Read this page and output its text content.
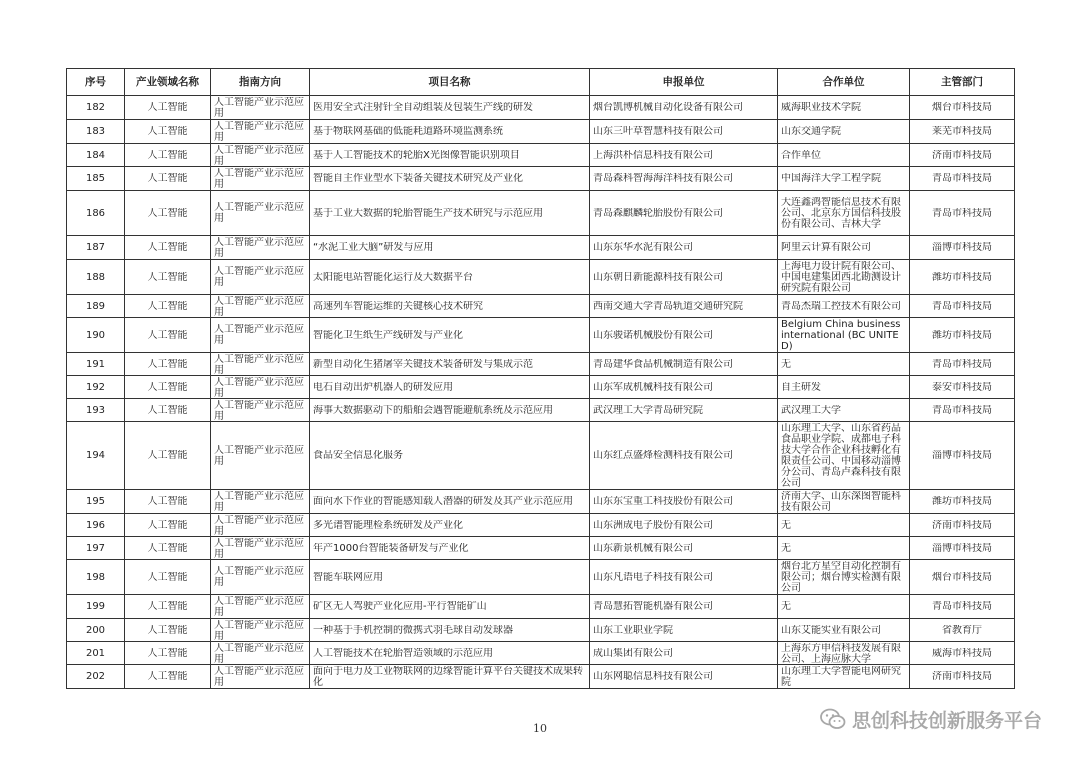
序号	产业领域名称	指南方向	项目名称	申报单位	合作单位	主管部门

182	人工智能	人工智能产业示范应用	医用安全式注射针全自动组装及包装生产线的研发	烟台凯博机械自动化设备有限公司	威海职业技术学院	烟台市科技局

183	人工智能	人工智能产业示范应用	基于物联网基础的低能耗道路环境监测系统	山东三叶草智慧科技有限公司	山东交通学院	莱芜市科技局

184	人工智能	人工智能产业示范应用	基于人工智能技术的轮胎X光图像智能识别项目	上海洪朴信息科技有限公司	合作单位	济南市科技局

185	人工智能	人工智能产业示范应用	智能自主作业型水下装备关键技术研究及产业化	青岛森科智海海洋科技有限公司	中国海洋大学工程学院	青岛市科技局

186	人工智能	人工智能产业示范应用	基于工业大数据的轮胎智能生产技术研究与示范应用	青岛森麒麟轮胎股份有限公司	大连鑫鸿智能信息技术有限公司、北京东方国信科技股份有限公司、吉林大学	青岛市科技局

187	人工智能	人工智能产业示范应用	“水泥工业大脑”研发与应用	山东东华水泥有限公司	阿里云计算有限公司	淄博市科技局

188	人工智能	人工智能产业示范应用	太阳能电站智能化运行及大数据平台	山东朝日新能源科技有限公司	上海电力设计院有限公司、中国电建集团西北勘测设计研究院有限公司	潍坊市科技局

189	人工智能	人工智能产业示范应用	高速列车智能运维的关键核心技术研究	西南交通大学青岛轨道交通研究院	青岛杰瑞工控技术有限公司	青岛市科技局

190	人工智能	人工智能产业示范应用	智能化卫生纸生产线研发与产业化	山东骏诺机械股份有限公司	Belgium China business international (BC UNITED)	潍坊市科技局

191	人工智能	人工智能产业示范应用	新型自动化生猪屠宰关键技术装备研发与集成示范	青岛建华食品机械制造有限公司	无	青岛市科技局

192	人工智能	人工智能产业示范应用	电石自动出炉机器人的研发应用	山东军成机械科技有限公司	自主研发	泰安市科技局

193	人工智能	人工智能产业示范应用	海事大数据驱动下的船舶会遇智能避航系统及示范应用	武汉理工大学青岛研究院	武汉理工大学	青岛市科技局

194	人工智能	人工智能产业示范应用	食品安全信息化服务	山东红点盛烽检测科技有限公司	山东理工大学、山东省药品食品职业学院、成都电子科技大学合作企业科技孵化有限责任公司、中国移动淄博分公司、青岛卢森科技有限公司	淄博市科技局

195	人工智能	人工智能产业示范应用	面向水下作业的智能感知载人潜器的研发及其产业示范应用	山东东宝重工科技股份有限公司	济南大学、山东深图智能科技有限公司	潍坊市科技局

196	人工智能	人工智能产业示范应用	多光谱智能理检系统研发及产业化	山东洲成电子股份有限公司	无	济南市科技局

197	人工智能	人工智能产业示范应用	年产1000台智能装备研发与产业化	山东新景机械有限公司	无	淄博市科技局

198	人工智能	人工智能产业示范应用	智能车联网应用	山东凡语电子科技有限公司	烟台北方星空自动化控制有限公司；烟台博实检测有限公司	烟台市科技局

199	人工智能	人工智能产业示范应用	矿区无人驾驶产业化应用-平行智能矿山	青岛慧拓智能机器有限公司	无	青岛市科技局

200	人工智能	人工智能产业示范应用	一种基于手机控制的微携式羽毛球自动发球器	山东工业职业学院	山东艾能实业有限公司	省教育厅

201	人工智能	人工智能产业示范应用	人工智能技术在轮胎智造领域的示范应用	成山集团有限公司	上海东方申信科技发展有限公司、上海应脉大学	威海市科技局

202	人工智能	人工智能产业示范应用	面向于电力及工业物联网的边缘智能计算平台关键技术成果转化	山东网聪信息科技有限公司	山东理工大学智能电网研究院	济南市科技局
10	思创科技创新服务平台
